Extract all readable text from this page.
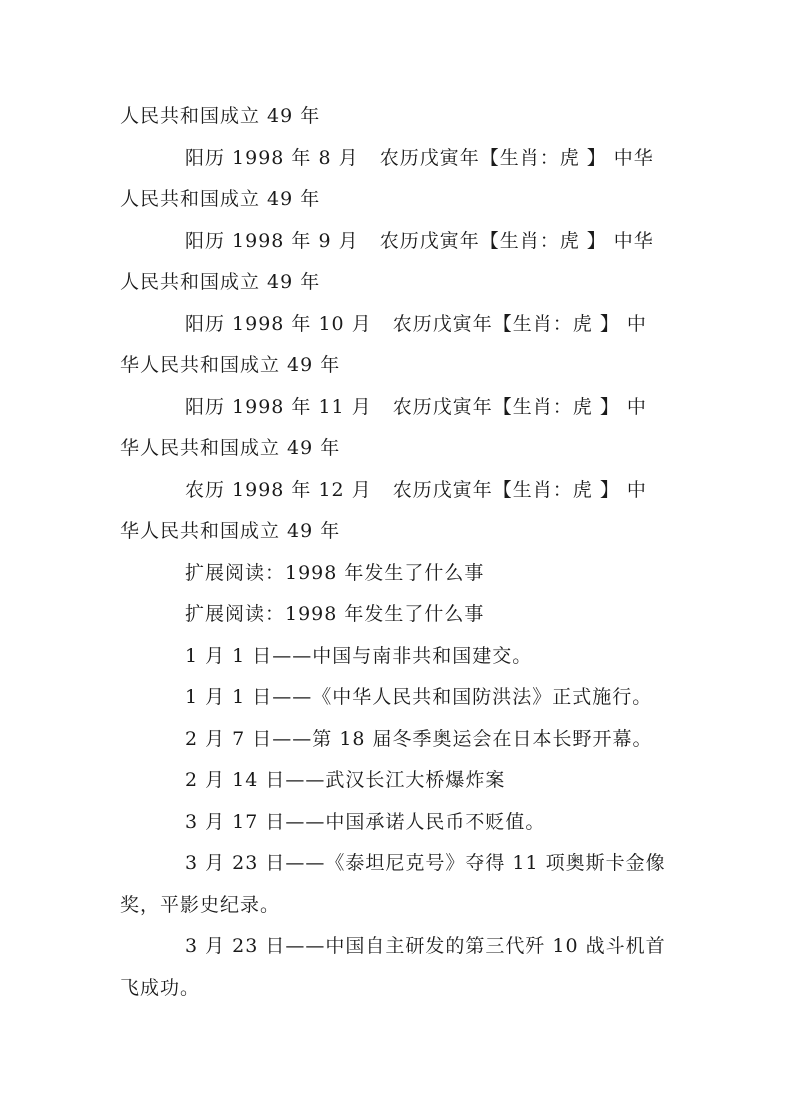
人民共和国成立 49 年
阳历 1998 年 8 月   农历戊寅年【生肖：虎 】 中华
人民共和国成立 49 年
阳历 1998 年 9 月   农历戊寅年【生肖：虎 】 中华
人民共和国成立 49 年
阳历 1998 年 10 月   农历戊寅年【生肖：虎 】 中
华人民共和国成立 49 年
阳历 1998 年 11 月   农历戊寅年【生肖：虎 】 中
华人民共和国成立 49 年
农历 1998 年 12 月   农历戊寅年【生肖：虎 】 中
华人民共和国成立 49 年
扩展阅读：1998 年发生了什么事
扩展阅读：1998 年发生了什么事
1 月 1 日——中国与南非共和国建交。
1 月 1 日——《中华人民共和国防洪法》正式施行。
2 月 7 日——第 18 届冬季奥运会在日本长野开幕。
2 月 14 日——武汉长江大桥爆炸案
3 月 17 日——中国承诺人民币不贬值。
3 月 23 日——《泰坦尼克号》夺得 11 项奥斯卡金像
奖，平影史纪录。
3 月 23 日——中国自主研发的第三代歼 10 战斗机首
飞成功。
